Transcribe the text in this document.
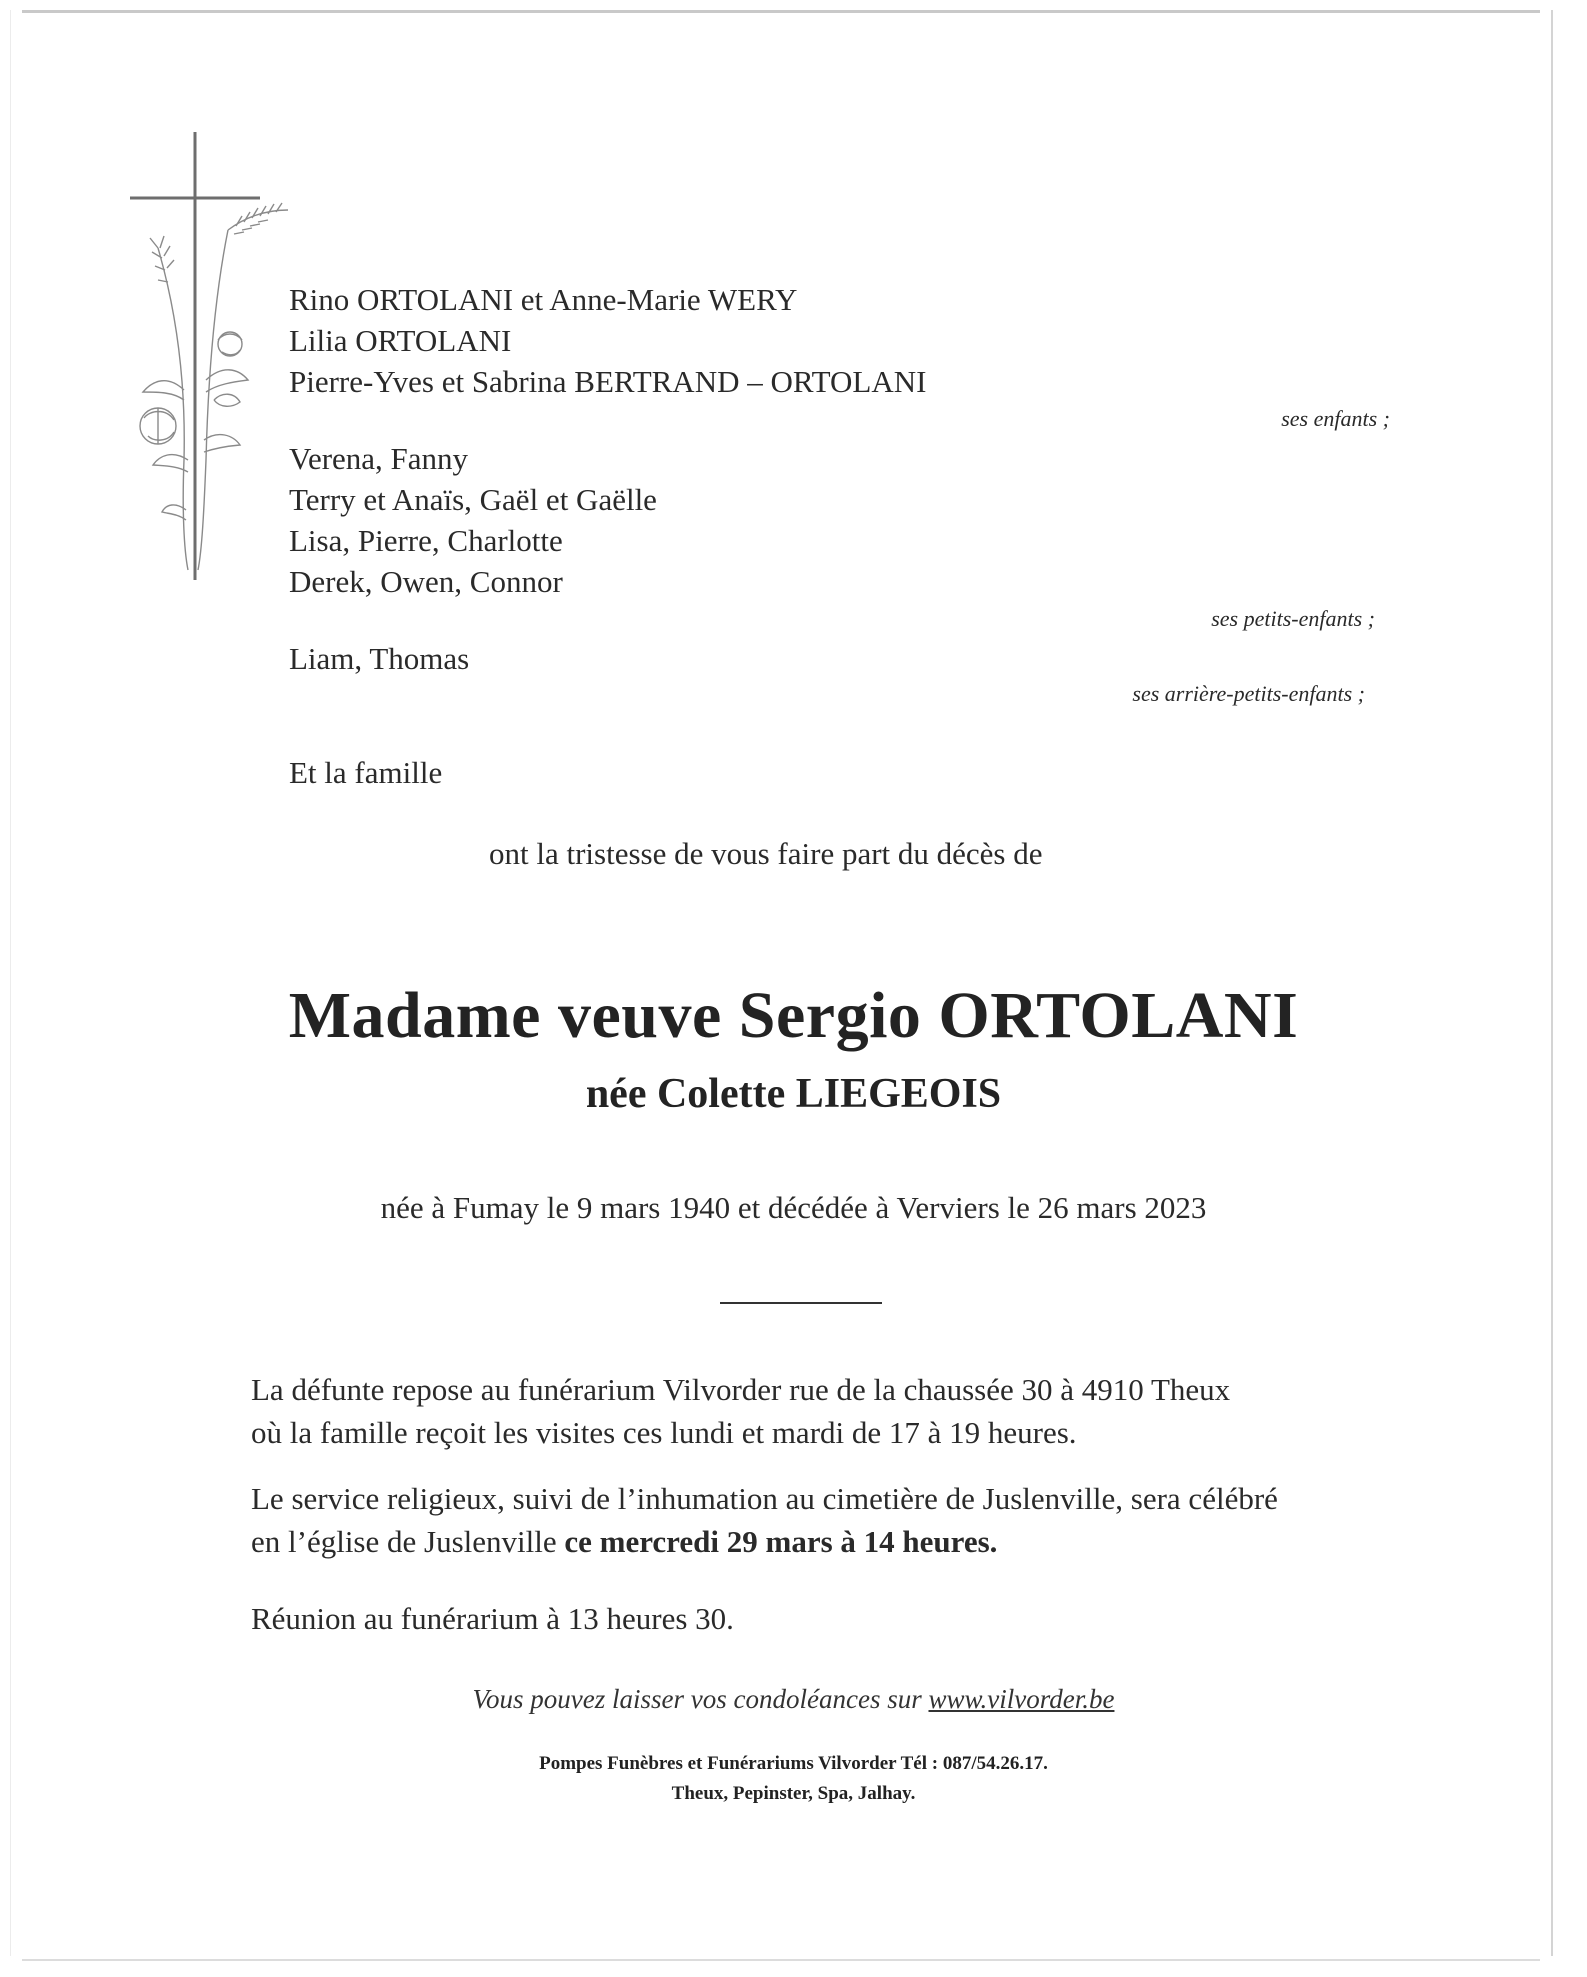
Rino ORTOLANI et Anne-Marie WERY
Lilia ORTOLANI
Pierre-Yves et Sabrina BERTRAND – ORTOLANI
ses enfants ;
Verena, Fanny
Terry et Anaïs, Gaël et Gaëlle
Lisa, Pierre, Charlotte
Derek, Owen, Connor
ses petits-enfants ;
Liam, Thomas
ses arrière-petits-enfants ;
Et la famille
ont la tristesse de vous faire part du décès de
Madame veuve Sergio ORTOLANI
née Colette LIEGEOIS
née à Fumay le 9 mars 1940 et décédée à Verviers le 26 mars 2023
La défunte repose au funérarium Vilvorder rue de la chaussée 30 à 4910 Theux
où la famille reçoit les visites ces lundi et mardi de 17 à 19 heures.
Le service religieux, suivi de l’inhumation au cimetière de Juslenville, sera célébré
en l’église de Juslenville ce mercredi 29 mars à 14 heures.
Réunion au funérarium à 13 heures 30.
Vous pouvez laisser vos condoléances sur www.vilvorder.be
Pompes Funèbres et Funérariums Vilvorder Tél : 087/54.26.17.
Theux, Pepinster, Spa, Jalhay.
